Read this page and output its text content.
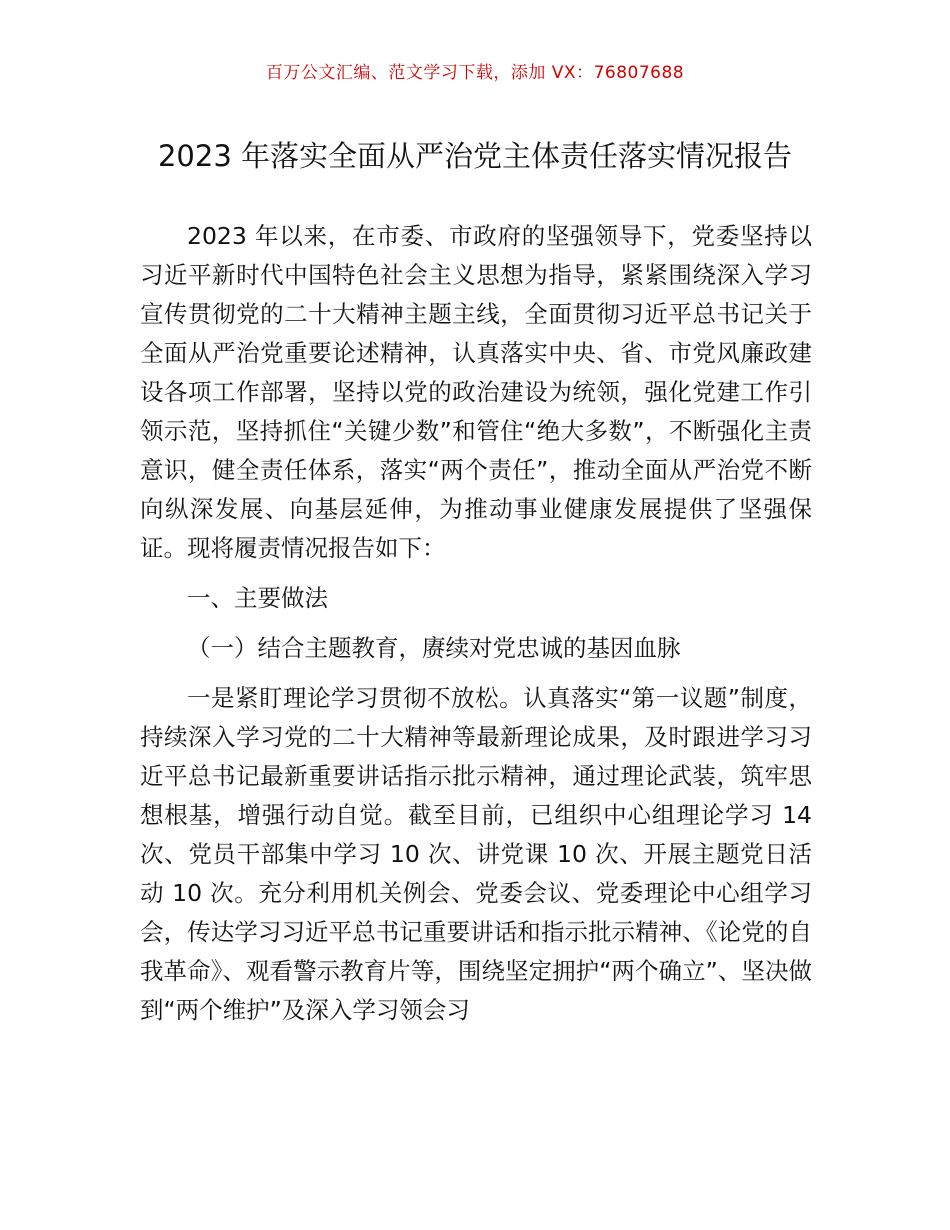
百万公文汇编、范文学习下载，添加 VX：76807688
2023 年落实全面从严治党主体责任落实情况报告

2023 年以来，在市委、市政府的坚强领导下，党委坚持以习近平新时代中国特色社会主义思想为指导，紧紧围绕深入学习宣传贯彻党的二十大精神主题主线，全面贯彻习近平总书记关于全面从严治党重要论述精神，认真落实中央、省、市党风廉政建设各项工作部署，坚持以党的政治建设为统领，强化党建工作引领示范，坚持抓住“关键少数”和管住“绝大多数”，不断强化主责意识，健全责任体系，落实“两个责任”，推动全面从严治党不断向纵深发展、向基层延伸，为推动事业健康发展提供了坚强保证。现将履责情况报告如下：

一、主要做法

（一）结合主题教育，赓续对党忠诚的基因血脉

一是紧盯理论学习贯彻不放松。认真落实“第一议题”制度，持续深入学习党的二十大精神等最新理论成果，及时跟进学习习近平总书记最新重要讲话指示批示精神，通过理论武装，筑牢思想根基，增强行动自觉。截至目前，已组织中心组理论学习 14 次、党员干部集中学习 10 次、讲党课 10 次、开展主题党日活动 10 次。充分利用机关例会、党委会议、党委理论中心组学习会，传达学习习近平总书记重要讲话和指示批示精神、《论党的自我革命》、观看警示教育片等，围绕坚定拥护“两个确立”、坚决做到“两个维护”及深入学习领会习
